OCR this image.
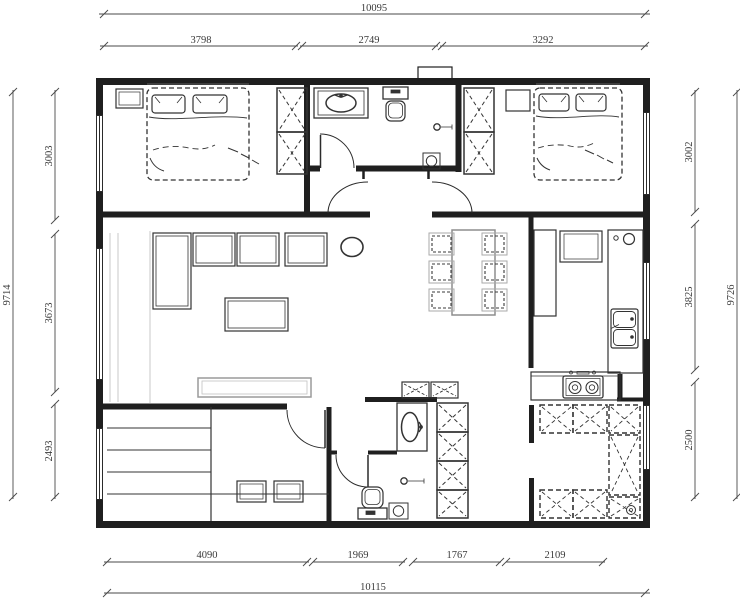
10095
3798	2749	3292
9714
3003
3673
2493
3002
3825
2500
9726
4090	1969	1767	2109
10115
